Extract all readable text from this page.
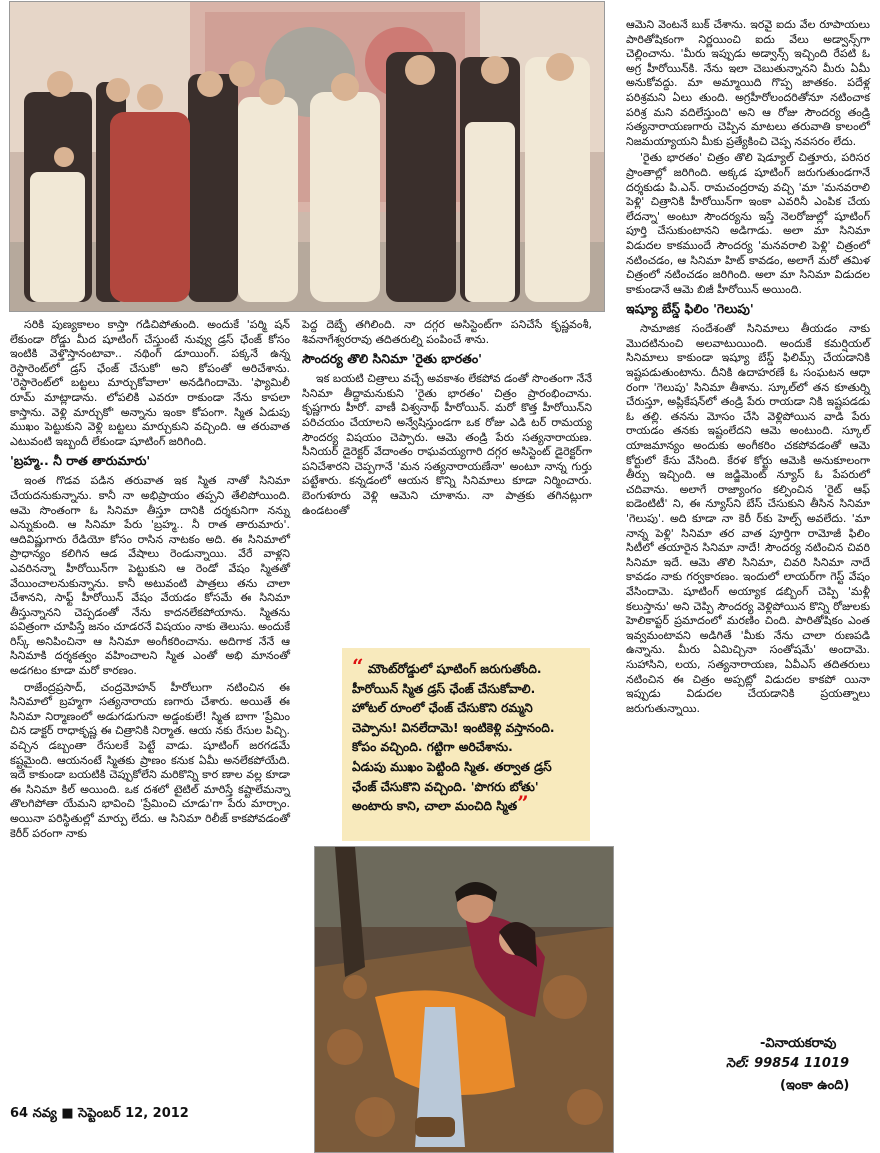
సరికి పుణ్యకాలం కాస్తా గడిచిపోతుంది. అందుకే 'పర్మి షన్ లేకుండా రోడ్డు మీద షూటింగ్ చేస్తుంటే నువ్వు డ్రస్ ఛేంజ్ కోసం ఇంటికి వెళ్తొస్తానంటావా.. నథింగ్ డూయింగ్. పక్కనే ఉన్న రెస్టారెంట్‌లో డ్రస్ ఛేంజ్ చేసుకో' అని కోపంతో అరిచేశాను. 'రెస్టారెంట్‌లో బట్టలు మార్చుకోవాలా' అనడిగిందామె. 'ఫ్యామిలీ రూమ్ మాట్లాడాను. లోపలికి ఎవరూ రాకుండా నేను కాపలా కాస్తాను. వెళ్లి మార్చుకో' అన్నాను ఇంకా కోపంగా. స్మిత ఏడుపు ముఖం పెట్టుకుని వెళ్లి బట్టలు మార్చుకుని వచ్చింది. ఆ తరువాత ఎటువంటి ఇబ్బందీ లేకుండా షూటింగ్ జరిగింది.

'బ్రహ్మ.. నీ రాత తారుమారు'

ఇంత గొడవ పడిన తరువాత ఇక స్మిత నాతో సినిమా చేయదనుకున్నాను. కానీ నా అభిప్రాయం తప్పని తేలిపోయింది. ఆమె సొంతంగా ఓ సినిమా తీస్తూ దానికి దర్శకునిగా నన్ను ఎన్నుకుంది. ఆ సినిమా పేరు 'బ్రహ్మ.. నీ రాత తారుమారు'. ఆదివిష్ణుగారు రేడియో కోసం రాసిన నాటకం అది. ఈ సినిమాలో ప్రాధాన్యం కలిగిన ఆడ వేషాలు రెండున్నాయి. వేరే వాళ్లని ఎవరినన్నా హీరోయిన్‌గా పెట్టుకుని ఆ రెండో వేషం స్మితతో వేయించాలనుకున్నాను. కానీ అటువంటి పాత్రలు తను చాలా చేశానని, సాఫ్ట్ హీరోయిన్ వేషం వేయడం కోసమే ఈ సినిమా తీస్తున్నానని చెప్పడంతో నేను కాదనలేకపోయాను. స్మితను పవిత్రంగా చూపిస్తే జనం చూడరనే విషయం నాకు తెలుసు. అందుకే రిస్క్ అనిపించినా ఆ సినిమా అంగీకరించాను. అదిగాక నేనే ఆ సినిమాకి దర్శకత్వం వహించాలని స్మిత ఎంతో అభి మానంతో అడగటం కూడా మరో కారణం.

రాజేంద్రప్రసాద్, చంద్రమోహన్ హీరోలుగా నటించిన ఈ సినిమాలో బ్రహ్మగా సత్యనారాయ ణగారు చేశారు. అయితే ఈ సినిమా నిర్మాణంలో అడుగడుగునా అడ్డంకులే! స్మిత బాగా 'ప్రేమిం చిన డాక్టర్ రాధాకృష్ణ ఈ చిత్రానికి నిర్మాత. ఆయ నకు రేసుల పిచ్చి. వచ్చిన డబ్బంతా రేసులకే పెట్టే వాడు. షూటింగ్ జరగడమే కష్టమైంది. ఆయనంటే స్మితకు ప్రాణం కనుక ఏమీ అనలేకపోయేది. ఇదే కాకుండా బయటికి చెప్పుకోలేని మరికొన్ని కార ణాల వల్ల కూడా ఈ సినిమా కిల్ అయింది. ఒక దశలో టైటిల్ మారిస్తే కష్టాలేమన్నా తొలగిపోతా యేమని భావించి 'ప్రేమించి చూడు'గా పేరు మార్చాం. అయినా పరిస్థితుల్లో మార్పు లేదు. ఆ సినిమా రిలీజ్ కాకపోవడంతో కెరీర్ పరంగా నాకు

పెద్ద దెబ్బే తగిలింది. నా దగ్గర అసిస్టెంట్‌గా పనిచేసే కృష్ణవంశీ, శివనాగేశ్వరరావు తదితరుల్ని పంపించే శాను.

సౌందర్య తొలి సినిమా 'రైతు భారతం'

ఇక బయటి చిత్రాలు వచ్చే అవకాశం లేకపోవ డంతో సొంతంగా నేనే సినిమా తీద్దామనుకుని 'రైతు భారతం' చిత్రం ప్రారంభించాను. కృష్ణగారు హీరో. వాణీ విశ్వనాథ్ హీరోయిన్. మరో కొత్త హీరోయిన్‌ని పరిచయం చేయాలని అన్వేషిస్తుండగా ఒక రోజు ఎడి టర్ రామయ్య సౌందర్య విషయం చెప్పారు. ఆమె తండ్రి పేరు సత్యనారాయణ. సీనియర్ డైరెక్టర్ వేదాంతం రాఘవయ్యగారి దగ్గర అసిస్టెంట్ డైరెక్టర్‌గా పనిచేశారని చెప్పగానే 'మన సత్యనారాయణేనా' అంటూ నాన్న గుర్తు పట్టేశారు. కన్నడంలో ఆయన కొన్ని సినిమాలు కూడా నిర్మించారు. బెంగుళూరు వెళ్లి ఆమెని చూశాను. నా పాత్రకు తగినట్లుగా ఉండటంతో

“ మౌంట్‌రోడ్డులో షూటింగ్ జరుగుతోంది.
హీరోయిన్ స్మిత డ్రస్ ఛేంజ్ చేసుకోవాలి.
హోటల్ రూంలో ఛేంజ్ చేసుకొని రమ్మని
చెప్పాను! వినలేదామె! ఇంటికెళ్లి వస్తానంది.
కోపం వచ్చింది. గట్టిగా అరిచేశాను.
ఏడుపు ముఖం పెట్టింది స్మిత. తర్వాత డ్రస్
ఛేంజ్ చేసుకొని వచ్చింది. 'పొగరు బోతు'
అంటారు కాని, చాలా మంచిది స్మిత”

ఆమెని వెంటనే బుక్ చేశాను. ఇరవై ఐదు వేల రూపాయలు పారితోషికంగా నిర్ణయించి ఐదు వేలు అడ్వాన్స్‌గా చెల్లించాను. 'మీరు ఇప్పుడు అడ్వాన్స్ ఇచ్చింది రేపటి ఓ అగ్ర హీరోయిన్‌కి. నేను ఇలా చెబుతున్నానని మీరు ఏమీ అనుకోవద్దు. మా అమ్మాయిది గొప్ప జాతకం. పదేళ్ల పరిశ్రమని ఏలు తుంది. అగ్రహీరోలందరితోనూ నటించాక పరిశ్ర మని వదిలేస్తుంది' అని ఆ రోజు సౌందర్య తండ్రి సత్యనారాయణగారు చెప్పిన మాటలు తరువాతి కాలంలో నిజమయ్యాయని మీకు ప్రత్యేకించి చెప్ప నవసరం లేదు.

'రైతు భారతం' చిత్రం తొలి షెడ్యూల్ చిత్తూరు, పరిసర ప్రాంతాల్లో జరిగింది. అక్కడ షూటింగ్ జరుగుతుండగానే దర్శకుడు పి.ఎన్. రామచంద్రరావు వచ్చి 'మా 'మనవరాలి పెళ్లి' చిత్రానికి హీరోయిన్‌గా ఇంకా ఎవరినీ ఎంపిక చేయ లేదన్నా' అంటూ సౌందర్యను ఇస్తే నెలరోజుల్లో షూటింగ్ పూర్తి చేసుకుంటానని అడిగాడు. అలా మా సినిమా విడుదల కాకముందే సౌందర్య 'మనవరాలి పెళ్లి' చిత్రంలో నటించడం, ఆ సినిమా హిట్ కావడం, అలాగే మరో తమిళ చిత్రంలో నటించడం జరిగింది. అలా మా సినిమా విడుదల కాకుండానే ఆమె బిజీ హీరోయిన్ అయింది.

ఇష్యూ బేస్డ్ ఫిలిం 'గెలుపు'

సామాజిక సందేశంతో సినిమాలు తీయడం నాకు మొదటినుంచి అలవాటుయింది. అందుకే కమర్షియల్ సినిమాలు కాకుండా ఇష్యూ బేస్డ్ ఫిలిమ్స్ చేయడానికి ఇష్టపడుతుంటాను. దీనికి ఉదాహరణే ఓ సంఘటన ఆధా రంగా 'గెలుపు' సినిమా తీశాను. స్కూల్‌లో తన కూతుర్ని చేరుస్తూ, అప్లికేషన్‌లో తండ్రి పేరు రాయడా నికి ఇష్టపడడు ఓ తల్లి. తనను మోసం చేసి వెళ్లిపోయిన వాడి పేరు రాయడం తనకు ఇష్టంలేదని ఆమె అంటుంది. స్కూల్ యాజమాన్యం అందుకు అంగీకరిం చకపోవడంతో ఆమె కోర్టులో కేసు వేసింది. కేరళ కోర్టు ఆమెకి అనుకూలంగా తీర్పు ఇచ్చింది. ఆ జడ్జిమెంట్ న్యూస్ ఓ పేపరులో చదివాను. అలాగే రాజ్యాంగం కల్పించిన 'రైట్ ఆఫ్ ఐడెంటిటీ' ని, ఈ న్యూస్‌ని బేస్ చేసుకుని తీసిన సినిమా 'గెలుపు'. అది కూడా నా కెరీ ర్‌కు హెల్ప్ అవలేదు. 'మా నాన్న పెళ్లి' సినిమా తర వాత పూర్తిగా రామోజీ ఫిలిం సిటీలో తయారైన సినిమా నాదే! సౌందర్య నటించిన చివరి సినిమా ఇదే. ఆమె తొలి సినిమా, చివరి సినిమా నాదే కావడం నాకు గర్వకారణం. ఇందులో లాయర్‌గా గెస్ట్ వేషం వేసిందామె. షూటింగ్ అయ్యాక డబ్బింగ్ చెప్పి 'మళ్లీ కలుస్తాను' అని చెప్పి సౌందర్య వెళ్లిపోయిన కొన్ని రోజులకు హెలికాప్టర్ ప్రమాదంలో మరణిం చింది. పారితోషికం ఎంత ఇవ్వమంటావని అడిగితే 'మీకు నేను చాలా రుణపడి ఉన్నాను. మీరు ఏమిచ్చినా సంతోషమే' అందామె. సుహాసిని, లయ, సత్యనారాయణ, ఏవీఎస్ తదితరులు నటించిన ఈ చిత్రం అప్పట్లో విడుదల కాకపో యినా ఇప్పుడు విడుదల చేయడానికి ప్రయత్నాలు జరుగుతున్నాయి.

-వినాయకరావు
సెల్: 99854 11019
(ఇంకా ఉంది)
64 నవ్య ■ సెప్టెంబర్ 12, 2012
